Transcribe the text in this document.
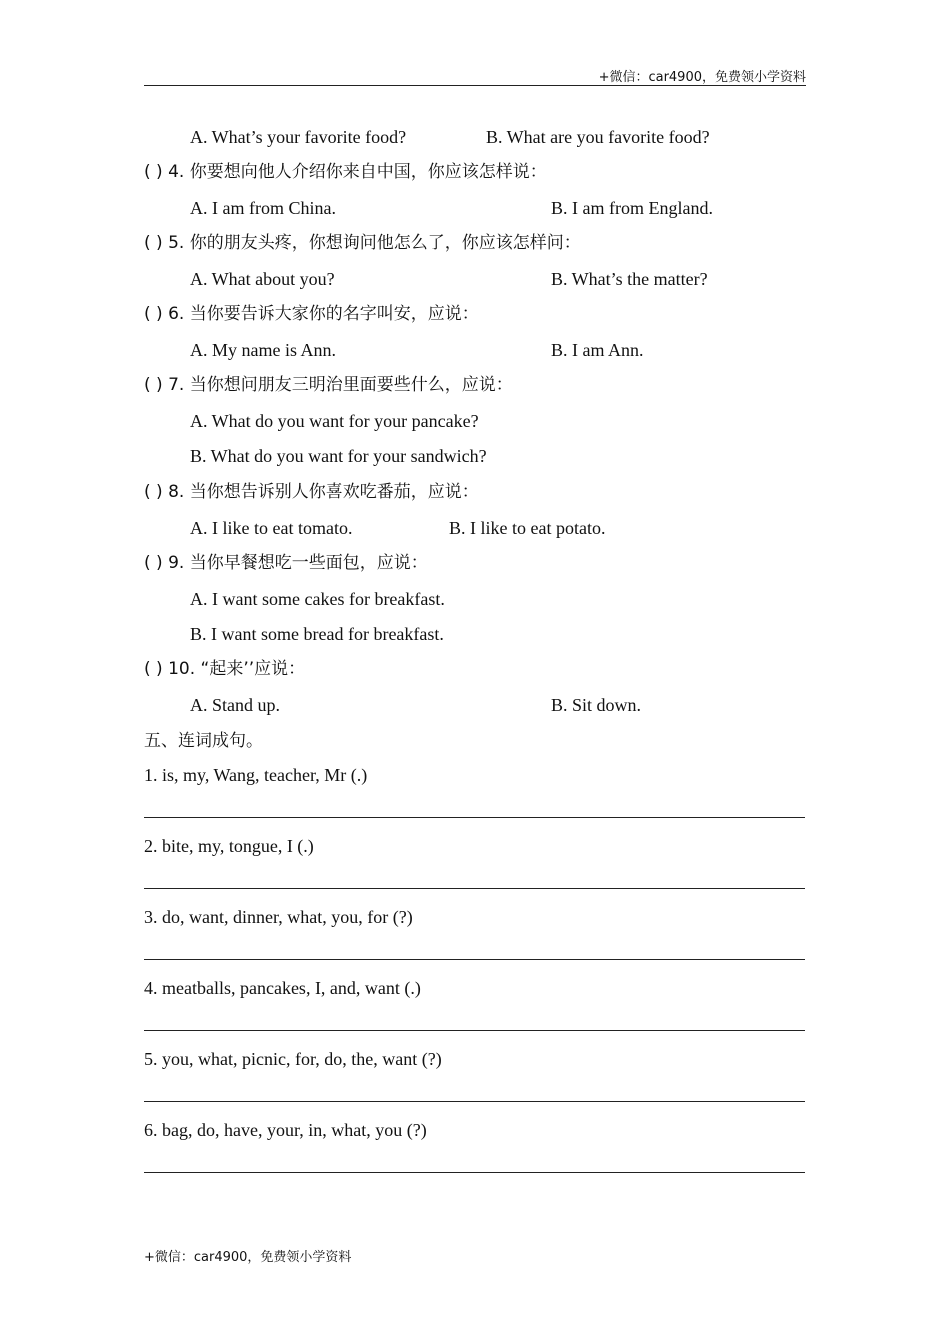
+微信：car4900，免费领小学资料
A. What’s your favorite food?	B. What are you favorite food?
( ) 4. 你要想向他人介绍你来自中国，你应该怎样说：
A. I am from China.	B. I am from England.
( ) 5. 你的朋友头疼，你想询问他怎么了，你应该怎样问：
A. What about you?	B. What’s the matter?
( ) 6. 当你要告诉大家你的名字叫安，应说：
A. My name is Ann.	B. I am Ann.
( ) 7. 当你想问朋友三明治里面要些什么，应说：
A. What do you want for your pancake?
B. What do you want for your sandwich?
( ) 8. 当你想告诉别人你喜欢吃番茄，应说：
A. I like to eat tomato.	B. I like to eat potato.
( ) 9. 当你早餐想吃一些面包，应说：
A. I want some cakes for breakfast.
B. I want some bread for breakfast.
( ) 10. “起来’’应说：
A. Stand up.	B. Sit down.
五、连词成句。
1. is, my, Wang, teacher, Mr (.)
2. bite, my, tongue, I (.)
3. do, want, dinner, what, you, for (?)
4. meatballs, pancakes, I, and, want (.)
5. you, what, picnic, for, do, the, want (?)
6. bag, do, have, your, in, what, you (?)
+微信：car4900，免费领小学资料
